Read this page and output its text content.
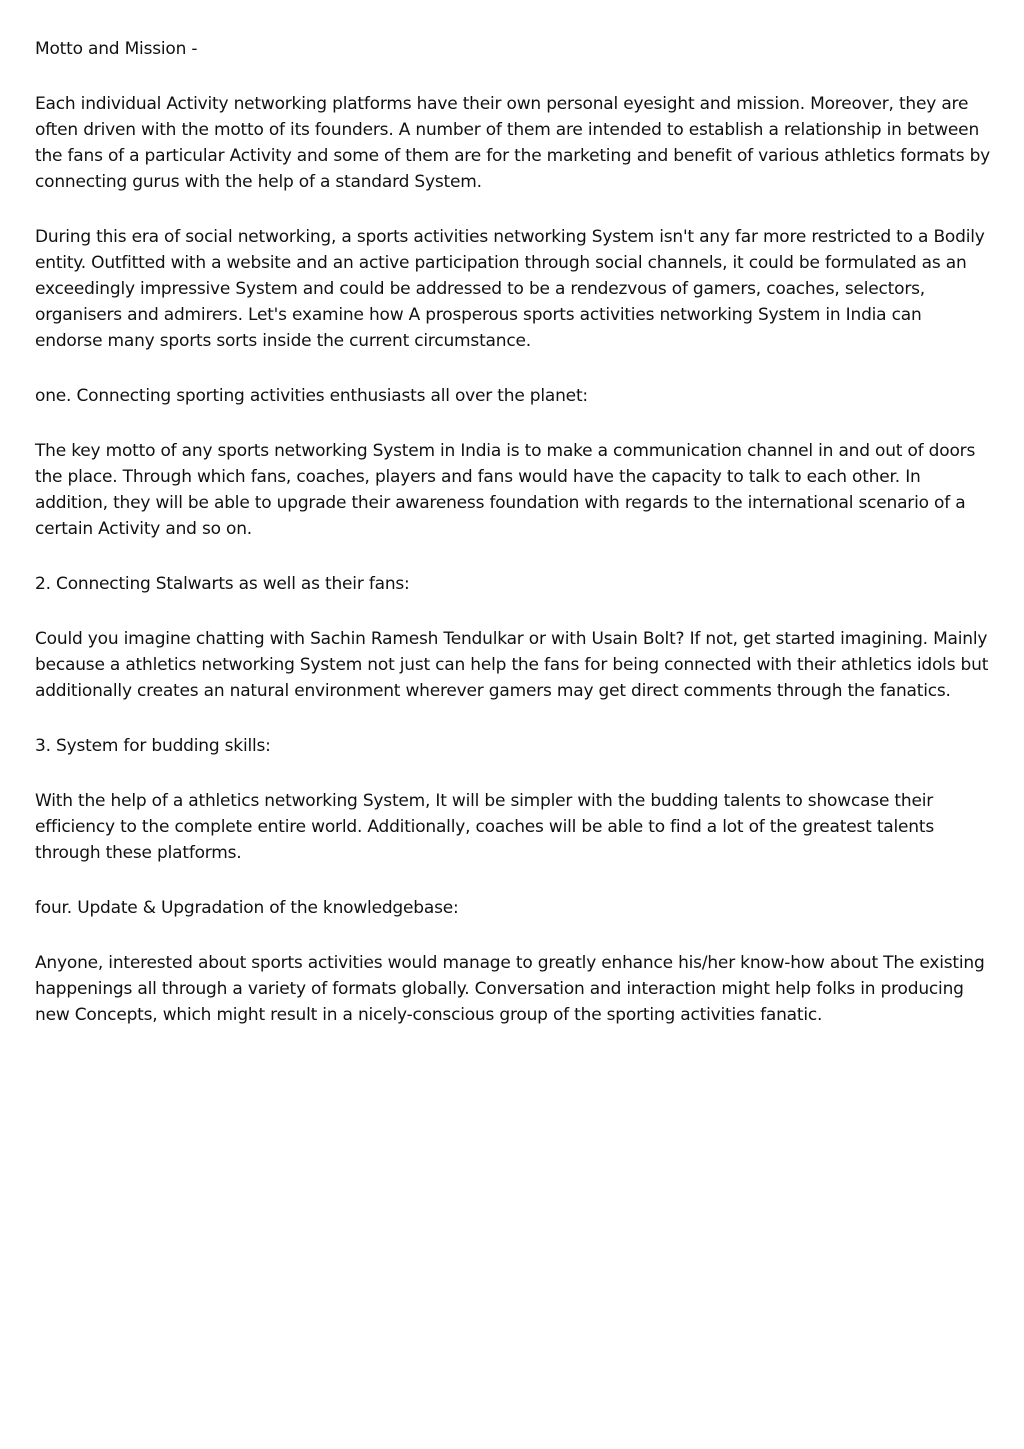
Motto and Mission -

Each individual Activity networking platforms have their own personal eyesight and mission. Moreover, they are often driven with the motto of its founders. A number of them are intended to establish a relationship in between the fans of a particular Activity and some of them are for the marketing and benefit of various athletics formats by connecting gurus with the help of a standard System.

During this era of social networking, a sports activities networking System isn't any far more restricted to a Bodily entity. Outfitted with a website and an active participation through social channels, it could be formulated as an exceedingly impressive System and could be addressed to be a rendezvous of gamers, coaches, selectors, organisers and admirers. Let's examine how A prosperous sports activities networking System in India can endorse many sports sorts inside the current circumstance.

one. Connecting sporting activities enthusiasts all over the planet:

The key motto of any sports networking System in India is to make a communication channel in and out of doors the place. Through which fans, coaches, players and fans would have the capacity to talk to each other. In addition, they will be able to upgrade their awareness foundation with regards to the international scenario of a certain Activity and so on.

2. Connecting Stalwarts as well as their fans:

Could you imagine chatting with Sachin Ramesh Tendulkar or with Usain Bolt? If not, get started imagining. Mainly because a athletics networking System not just can help the fans for being connected with their athletics idols but additionally creates an natural environment wherever gamers may get direct comments through the fanatics.

3. System for budding skills:

With the help of a athletics networking System, It will be simpler with the budding talents to showcase their efficiency to the complete entire world. Additionally, coaches will be able to find a lot of the greatest talents through these platforms.

four. Update & Upgradation of the knowledgebase:

Anyone, interested about sports activities would manage to greatly enhance his/her know-how about The existing happenings all through a variety of formats globally. Conversation and interaction might help folks in producing new Concepts, which might result in a nicely-conscious group of the sporting activities fanatic.
